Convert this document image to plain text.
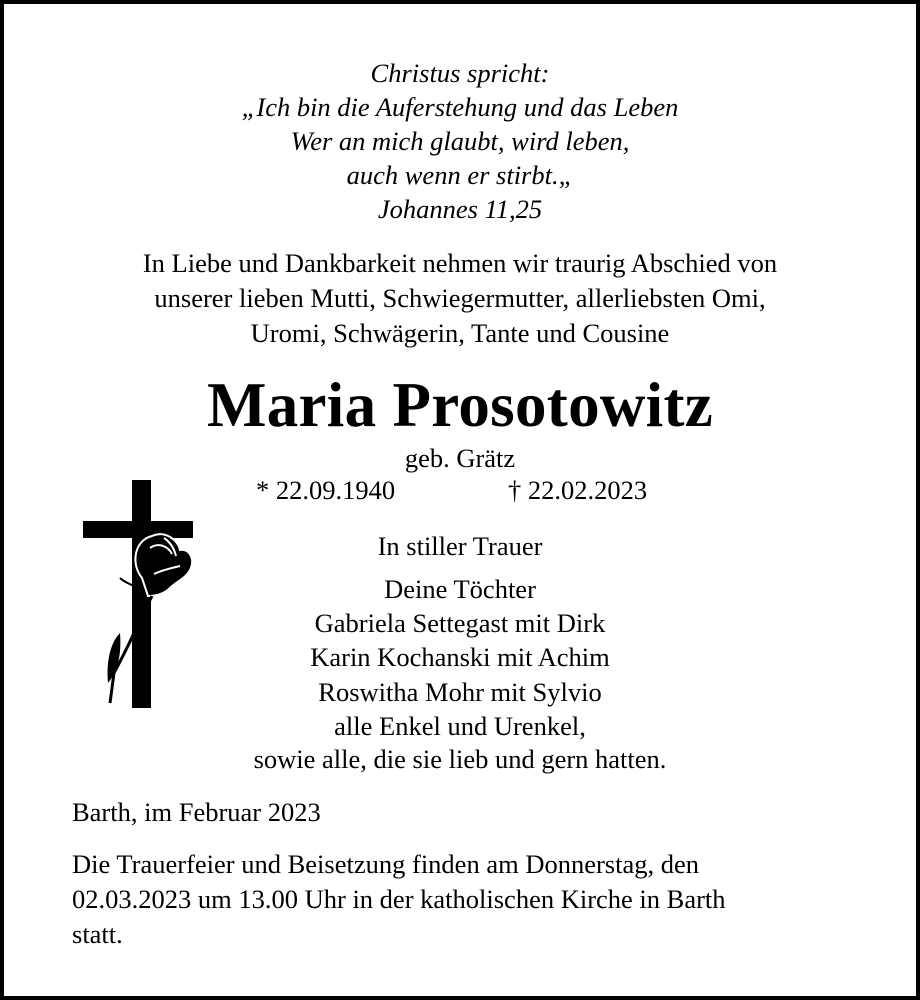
Christus spricht:
„Ich bin die Auferstehung und das Leben
Wer an mich glaubt, wird leben,
auch wenn er stirbt.„
Johannes 11,25
In Liebe und Dankbarkeit nehmen wir traurig Abschied von
unserer lieben Mutti, Schwiegermutter, allerliebsten Omi,
Uromi, Schwägerin, Tante und Cousine
Maria Prosotowitz
geb. Grätz
* 22.09.1940	† 22.02.2023
In stiller Trauer
Deine Töchter
Gabriela Settegast mit Dirk
Karin Kochanski mit Achim
Roswitha Mohr mit Sylvio
alle Enkel und Urenkel,
sowie alle, die sie lieb und gern hatten.
Barth, im Februar 2023
Die Trauerfeier und Beisetzung finden am Donnerstag, den
02.03.2023 um 13.00 Uhr in der katholischen Kirche in Barth
statt.
